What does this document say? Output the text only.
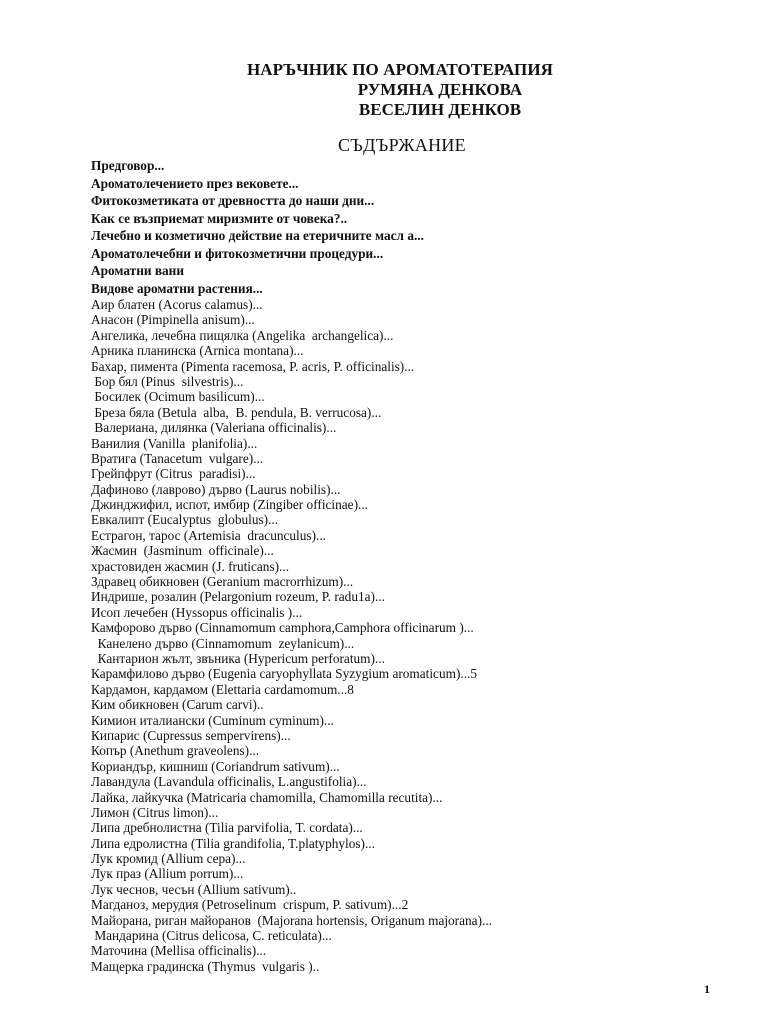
НАРЪЧНИК ПО АРОМАТОТЕРАПИЯ
РУМЯНА ДЕНКОВА
ВЕСЕЛИН ДЕНКОВ
СЪДЪРЖАНИЕ
Предговор...
Ароматолечението през вековете...
Фитокозметиката от древността до наши дни...
Как се възприемат миризмите от човека?..
Лечебно и козметично действие на етеричните масл а...
Ароматолечебни и фитокозметични процедури...
Ароматни вани
Видове ароматни растения...
Аир блатен (Acorus calamus)...
Анасон (Pimpinella anisum)...
Ангелика, лечебна пищялка (Angelika  archangelica)...
Арника планинска (Arnica montana)...
Бахар, пимента (Pimenta racemosa, P. acris, P. officinalis)...
Бор бял (Pinus  silvestris)...
Босилек (Ocimum basilicum)...
Бреза бяла (Betula  alba,  B. pendula, B. verrucosa)...
Валериана, дилянка (Valeriana officinalis)...
Ванилия (Vanilla  planifolia)...
Вратига (Tanacetum  vulgare)...
Грейпфрут (Citrus  paradisi)...
Дафиново (лаврово) дърво (Laurus nobilis)...
Джинджифил, испот, имбир (Zingiber officinae)...
Евкалипт (Eucalyptus  globulus)...
Естрагон, тарос (Artemisia  dracunculus)...
Жасмин  (Jasminum  officinale)...
храстовиден жасмин (J. fruticans)...
Здравец обикновен (Geranium macrorrhizum)...
Индрише, розалин (Pelargonium rozeum, P. radu1a)...
Исоп лечебен (Hyssopus officinalis )...
Камфорово дърво (Cinnamomum camphora,Camphora officinarum )...
Канелено дърво (Cinnamomum  zeylanicum)...
Кантарион жълт, звъника (Hypericum perforatum)...
Карамфилово дърво (Eugenia caryophyllata Syzygium aromaticum)...5
Кардамон, кардамом (Elettaria cardamomum...8
Ким обикновен (Carum carvi)..
Кимион италиански (Cuminum cyminum)...
Кипарис (Cupressus sempervirens)...
Копър (Anethum graveolens)...
Кориандър, кишниш (Coriandrum sativum)...
Лавандула (Lavandula officinalis, L.angustifolia)...
Лайка, лайкучка (Matricaria chamomilla, Chamomilla recutita)...
Лимон (Citrus limon)...
Липа дребнолистна (Tilia parvifolia, T. cordata)...
Липа едролистна (Tilia grandifolia, T.platyphylos)...
Лук кромид (Allium cepa)...
Лук праз (Allium porrum)...
Лук чеснов, чесън (Allium sativum)..
Магданоз, мерудия (Petroselinum  crispum, P. sativum)...2
Майорана, риган майоранов  (Majorana hortensis, Origanum majorana)...
Мандарина (Citrus delicosa, C. reticulata)...
Маточина (Mellisa officinalis)...
Мащерка градинска (Thymus  vulgaris )..
1
